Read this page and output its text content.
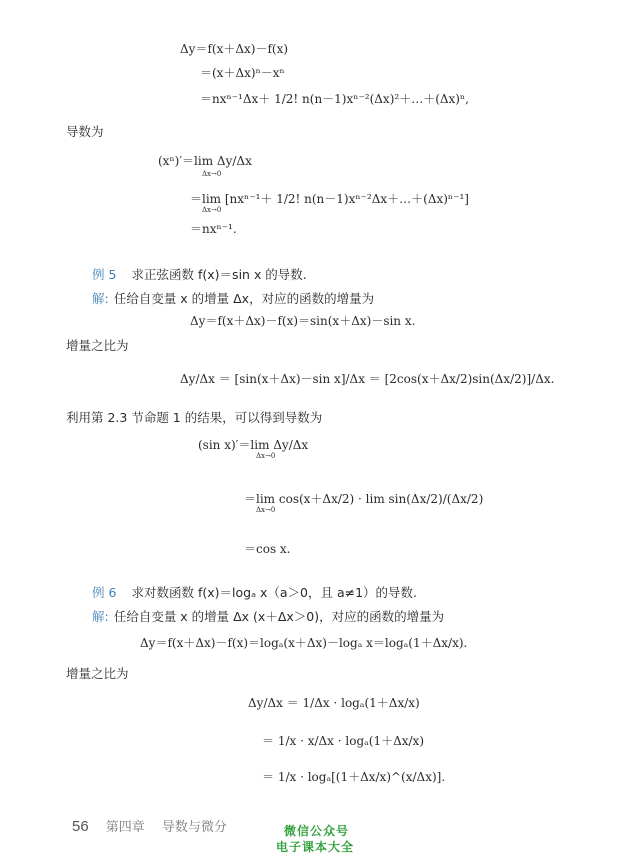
Δy＝f(x＋Δx)－f(x)
＝(x＋Δx)ⁿ－xⁿ
＝nxⁿ⁻¹Δx＋ 1/2! n(n－1)xⁿ⁻²(Δx)²＋…＋(Δx)ⁿ,
导数为
(xⁿ)′＝lim Δy/Δx
Δx→0
＝lim [nxⁿ⁻¹＋ 1/2! n(n－1)xⁿ⁻²Δx＋…＋(Δx)ⁿ⁻¹]
Δx→0
＝nxⁿ⁻¹.
例 5 求正弦函数 f(x)＝sin x 的导数.
解: 任给自变量 x 的增量 Δx，对应的函数的增量为
Δy＝f(x＋Δx)－f(x)＝sin(x＋Δx)－sin x.
增量之比为
Δy/Δx ＝ [sin(x＋Δx)－sin x]/Δx ＝ [2cos(x＋Δx/2)sin(Δx/2)]/Δx.
利用第 2.3 节命题 1 的结果，可以得到导数为
(sin x)′＝lim Δy/Δx
Δx→0
＝lim cos(x＋Δx/2) · lim sin(Δx/2)/(Δx/2)
Δx→0
＝cos x.
例 6 求对数函数 f(x)＝logₐ x（a＞0，且 a≠1）的导数.
解: 任给自变量 x 的增量 Δx (x＋Δx＞0)，对应的函数的增量为
Δy＝f(x＋Δx)－f(x)＝logₐ(x＋Δx)－logₐ x＝logₐ(1＋Δx/x).
增量之比为
Δy/Δx ＝ 1/Δx · logₐ(1＋Δx/x)
＝ 1/x · x/Δx · logₐ(1＋Δx/x)
＝ 1/x · logₐ[(1＋Δx/x)^(x/Δx)].
56 第四章 导数与微分	微信公众号
电子课本大全
